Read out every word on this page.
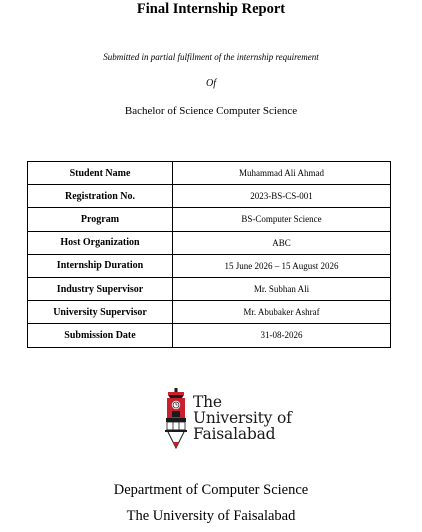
Final Internship Report
Submitted in partial fulfilment of the internship requirement
Of
Bachelor of Science Computer Science
Student Name	Muhammad Ali Ahmad
Registration No.	2023-BS-CS-001
Program	BS-Computer Science
Host Organization	ABC
Internship Duration	15 June 2026 – 15 August 2026
Industry Supervisor	Mr. Subhan Ali
University Supervisor	Mr. Abubaker Ashraf
Submission Date	31-08-2026
The
University of
Faisalabad
Department of Computer Science
The University of Faisalabad
